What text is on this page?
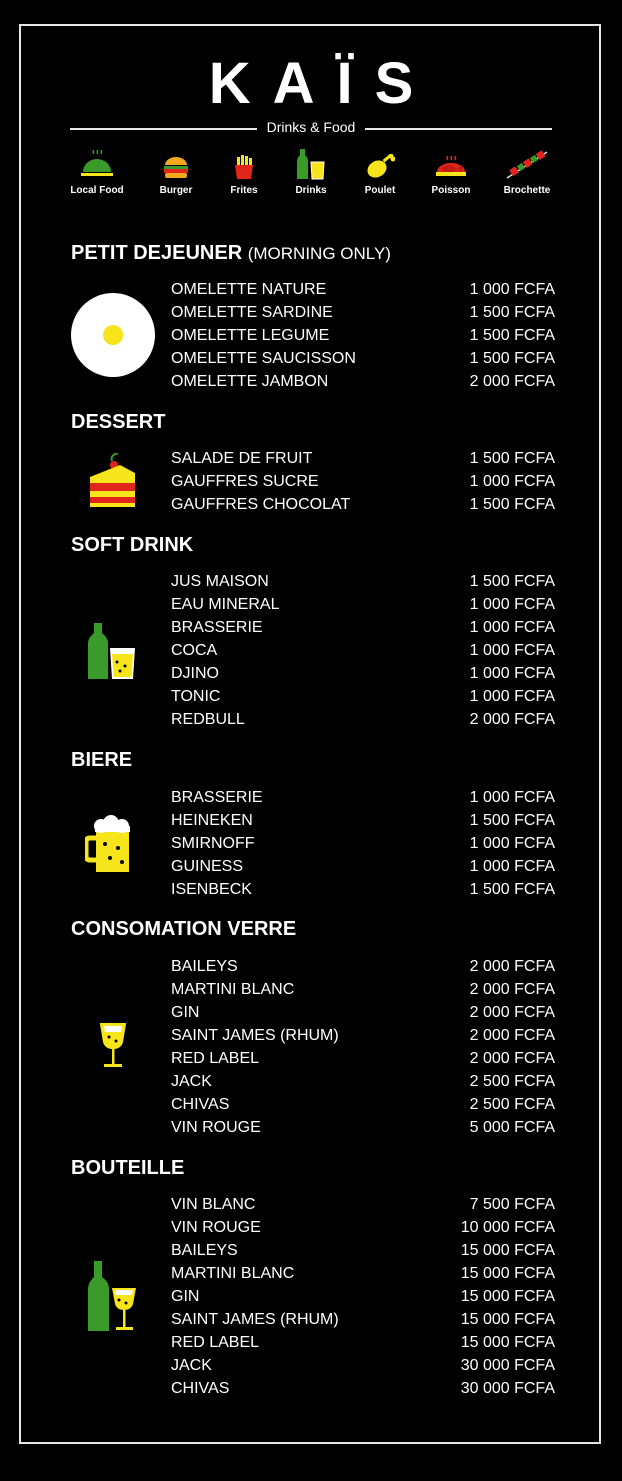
KAÏS
Drinks & Food
Local Food	Burger	Frites	Drinks	Poulet	Poisson	Brochette
PETIT DEJEUNER (MORNING ONLY)
OMELETTE NATURE	1 000 FCFA
OMELETTE SARDINE	1 500 FCFA
OMELETTE LEGUME	1 500 FCFA
OMELETTE SAUCISSON	1 500 FCFA
OMELETTE JAMBON	2 000 FCFA
DESSERT
SALADE DE FRUIT	1 500 FCFA
GAUFFRES SUCRE	1 000 FCFA
GAUFFRES CHOCOLAT	1 500 FCFA
SOFT DRINK
JUS MAISON	1 500 FCFA
EAU MINERAL	1 000 FCFA
BRASSERIE	1 000 FCFA
COCA	1 000 FCFA
DJINO	1 000 FCFA
TONIC	1 000 FCFA
REDBULL	2 000 FCFA
BIERE
BRASSERIE	1 000 FCFA
HEINEKEN	1 500 FCFA
SMIRNOFF	1 000 FCFA
GUINESS	1 000 FCFA
ISENBECK	1 500 FCFA
CONSOMATION VERRE
BAILEYS	2 000 FCFA
MARTINI BLANC	2 000 FCFA
GIN	2 000 FCFA
SAINT JAMES (RHUM)	2 000 FCFA
RED LABEL	2 000 FCFA
JACK	2 500 FCFA
CHIVAS	2 500 FCFA
VIN ROUGE	5 000 FCFA
BOUTEILLE
VIN BLANC	7 500 FCFA
VIN ROUGE	10 000 FCFA
BAILEYS	15 000 FCFA
MARTINI BLANC	15 000 FCFA
GIN	15 000 FCFA
SAINT JAMES (RHUM)	15 000 FCFA
RED LABEL	15 000 FCFA
JACK	30 000 FCFA
CHIVAS	30 000 FCFA
